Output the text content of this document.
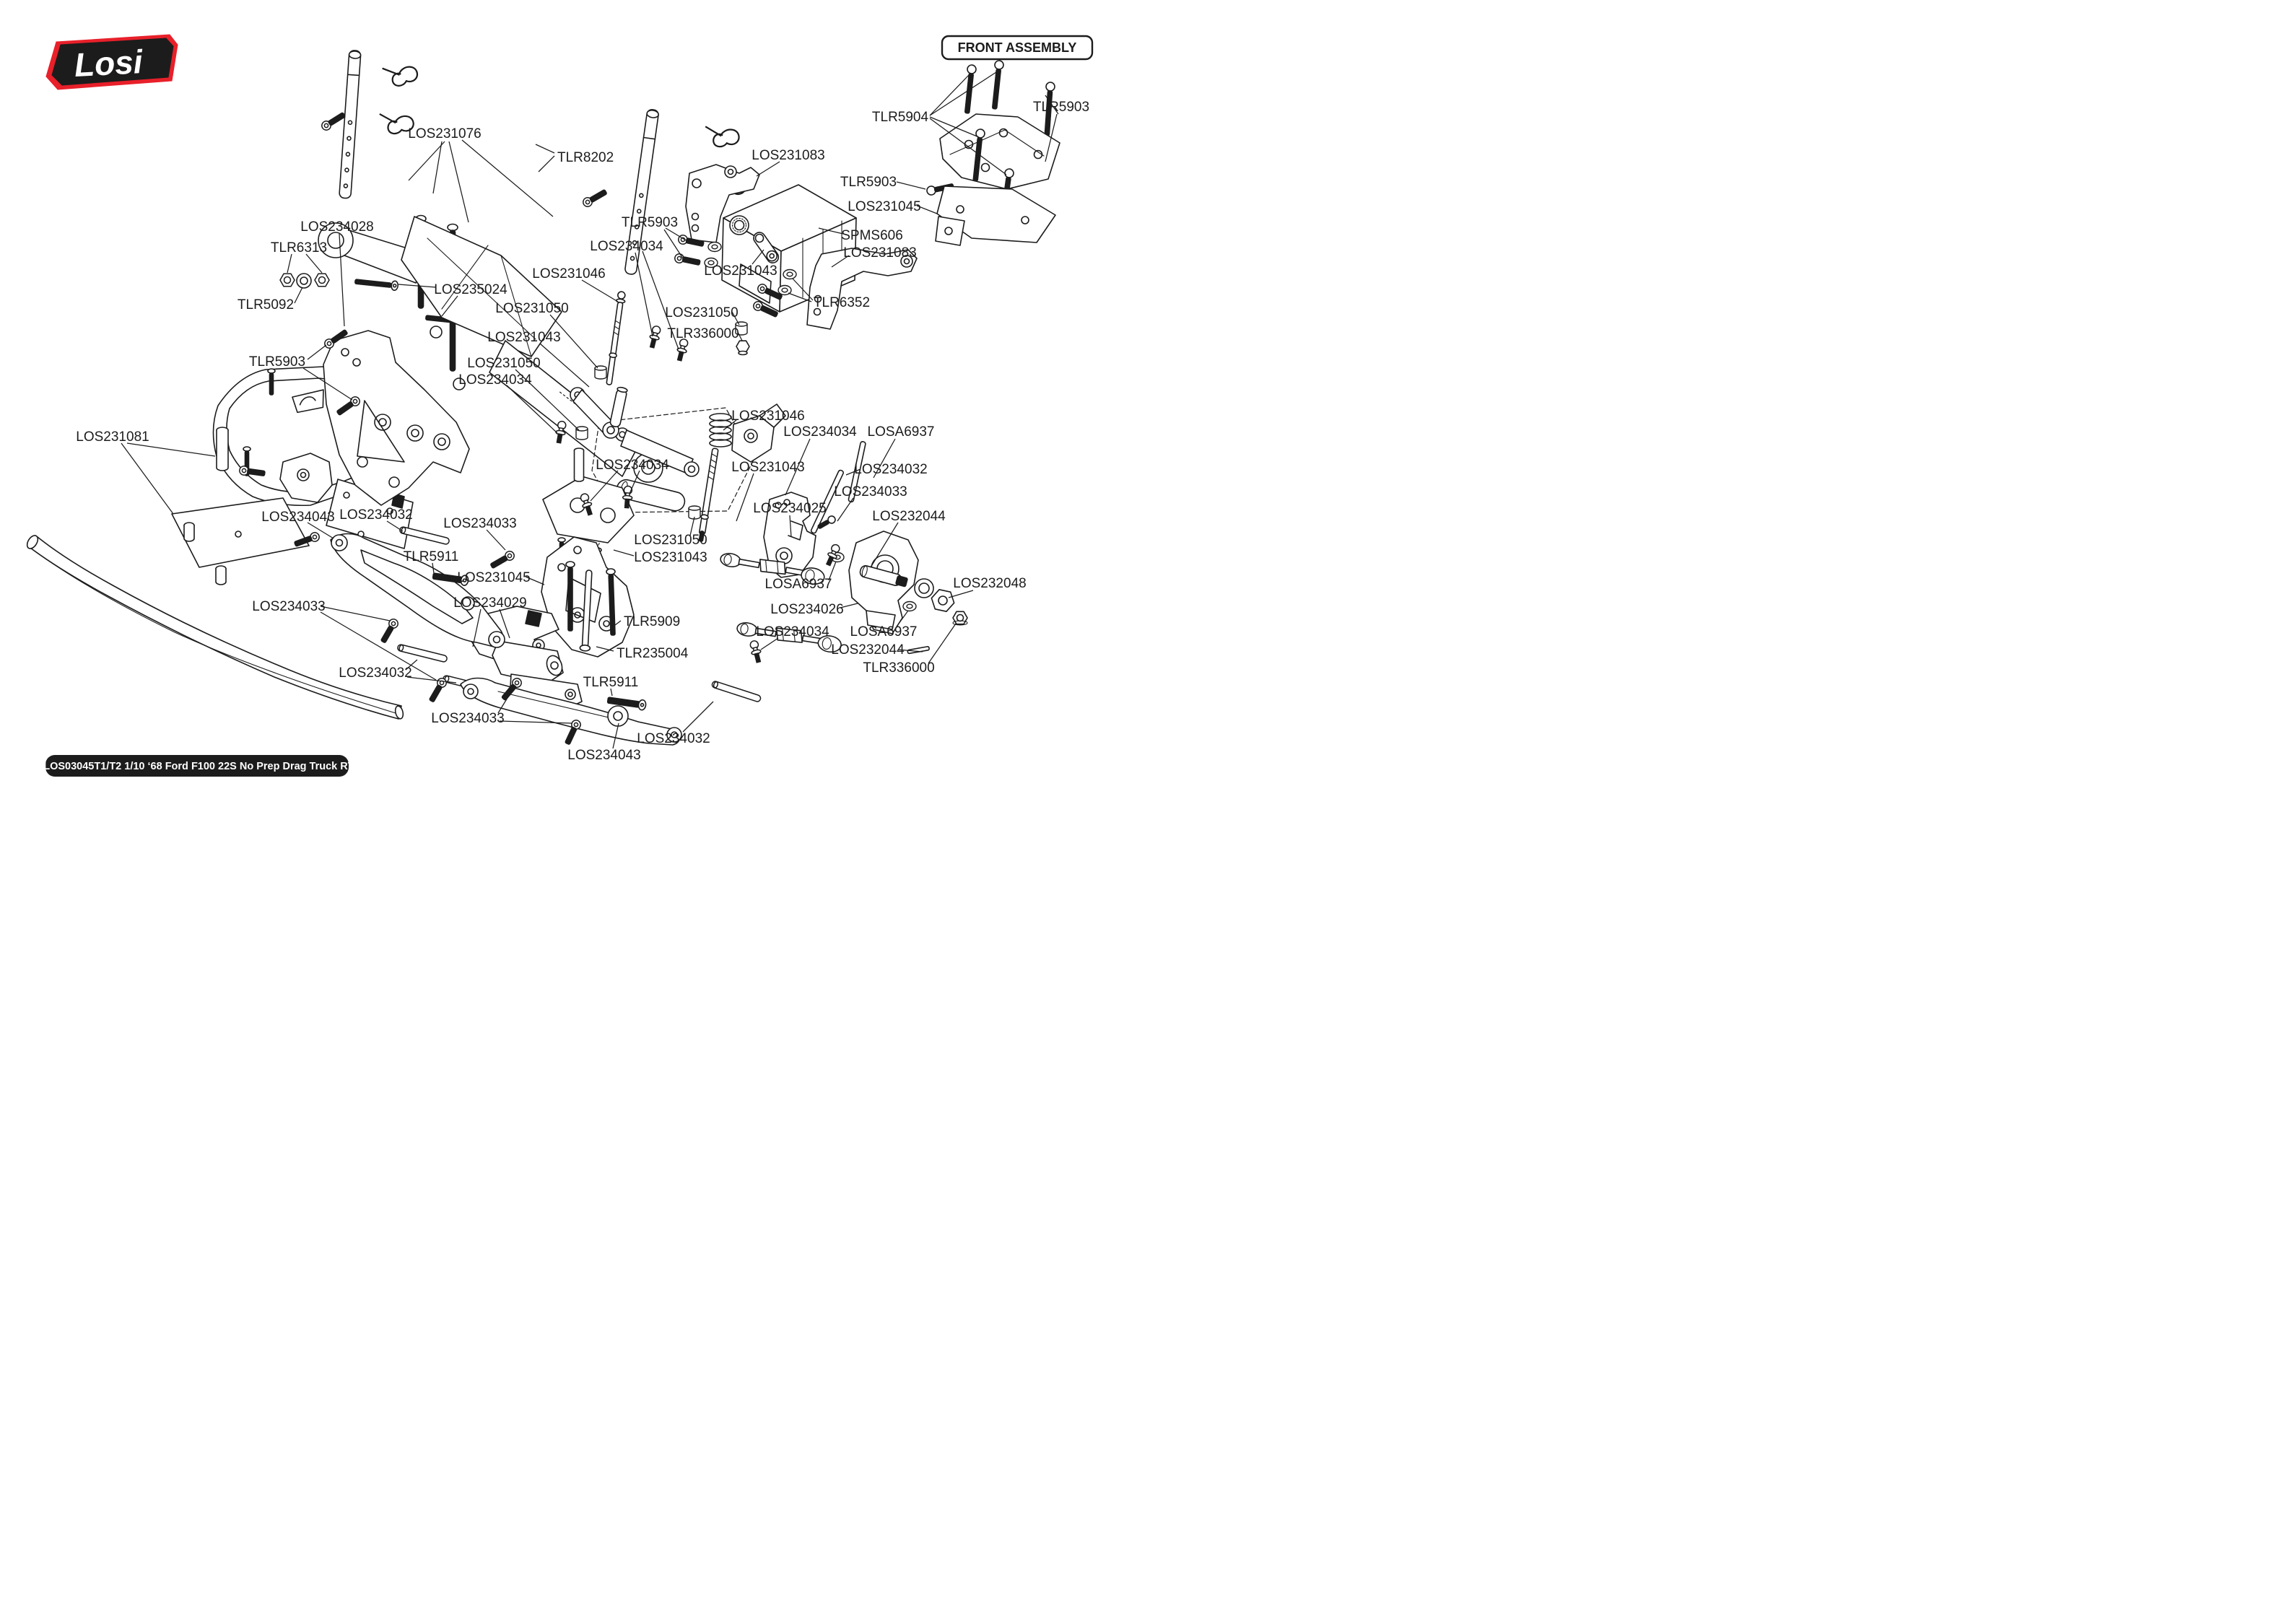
Losi	FRONT ASSEMBLY
LOS231076
TLR8202
TLR5904
TLR5903
LOS231083
TLR5903
LOS231045
SPMS606
LOS231083
TLR5903
LOS234034
LOS231043
TLR6352
LOS231046
LOS231050	LOS231050
TLR336000
LOS231043
LOS231050
LOS234034
LOS234028
TLR6313
TLR5092
LOS235024
TLR5903
LOS231081
LOS231046
LOS234034 LOSA6937
LOS231043	LOS234032
LOS234025
LOS234033
LOS232044
LOS234034
LOS231050
LOS231043
LOSA6937
LOS234026
LOS234034 LOSA6937
LOS232044
TLR336000
LOS232048
LOS234043 LOS234032
LOS234033
TLR5911
LOS231045
LOS234029
TLR5909
TLR235004
LOS234033
TLR5911
LOS234032
LOS234033
LOS234043
LOS234032
C-LOS03045T1/T2 1/10 ‘68 Ford F100 22S No Prep Drag Truck RTR
